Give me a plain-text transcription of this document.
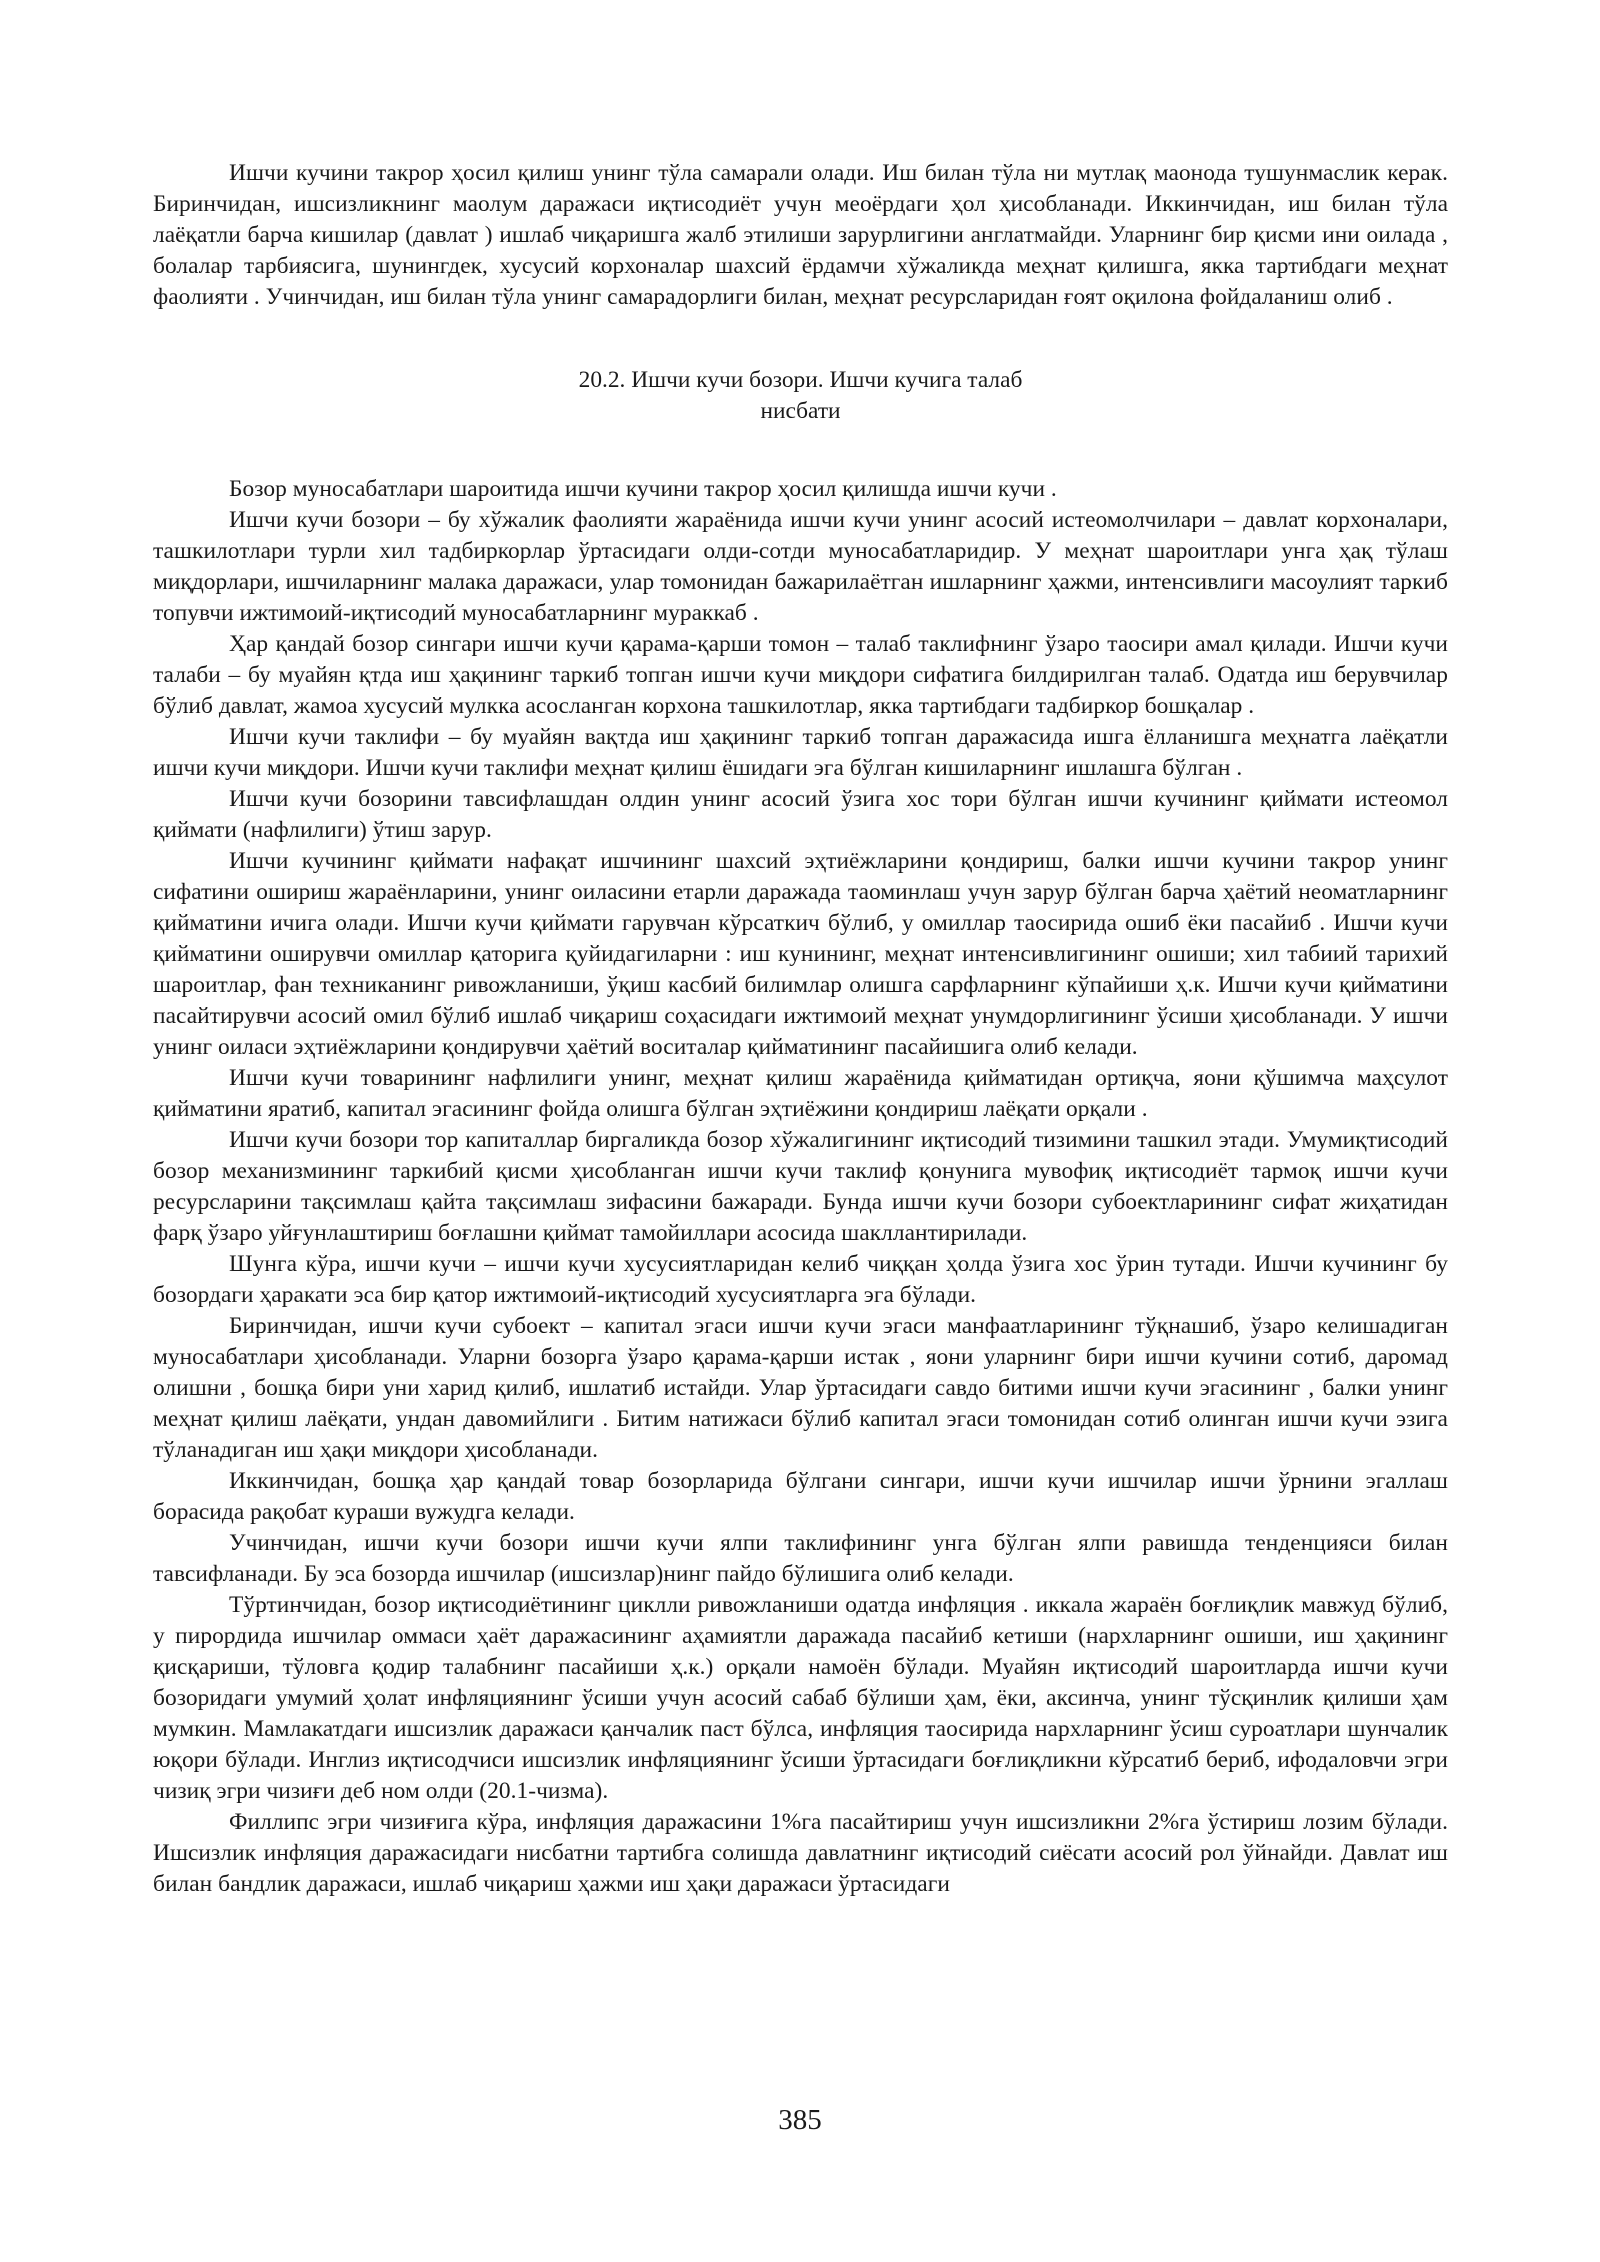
Ишчи кучини такрор ҳосил қилиш унинг тўла самарали олади. Иш билан тўла ни мутлақ маонода тушунмаслик керак. Биринчидан, ишсизликнинг маолум даражаси иқтисодиёт учун меоёрдаги ҳол ҳисобланади. Иккинчидан, иш билан тўла лаёқатли барча кишилар (давлат ) ишлаб чиқаришга жалб этилиши зарурлигини англатмайди. Уларнинг бир қисми ини оилада , болалар тарбиясига, шунингдек, хусусий корхоналар шахсий ёрдамчи хўжаликда меҳнат қилишга, якка тартибдаги меҳнат фаолияти . Учинчидан, иш билан тўла унинг самарадорлиги билан, меҳнат ресурсларидан ғоят оқилона фойдаланиш олиб .

20.2. Ишчи кучи бозори. Ишчи кучига талаб
нисбати

Бозор муносабатлари шароитида ишчи кучини такрор ҳосил қилишда ишчи кучи .

Ишчи кучи бозори – бу хўжалик фаолияти жараёнида ишчи кучи унинг асосий истеомолчилари – давлат корхоналари, ташкилотлари турли хил тадбиркорлар ўртасидаги олди-сотди муносабатларидир. У меҳнат шароитлари унга ҳақ тўлаш миқдорлари, ишчиларнинг малака даражаси, улар томонидан бажарилаётган ишларнинг ҳажми, интенсивлиги масоулият таркиб топувчи ижтимоий-иқтисодий муносабатларнинг мураккаб .

Ҳар қандай бозор сингари ишчи кучи қарама-қарши томон – талаб таклифнинг ўзаро таосири амал қилади. Ишчи кучи талаби – бу муайян қтда иш ҳақининг таркиб топган ишчи кучи миқдори сифатига билдирилган талаб. Одатда иш берувчилар бўлиб давлат, жамоа хусусий мулкка асосланган корхона ташкилотлар, якка тартибдаги тадбиркор бошқалар .

Ишчи кучи таклифи – бу муайян вақтда иш ҳақининг таркиб топган даражасида ишга ёлланишга меҳнатга лаёқатли ишчи кучи миқдори. Ишчи кучи таклифи меҳнат қилиш ёшидаги эга бўлган кишиларнинг ишлашга бўлган .

Ишчи кучи бозорини тавсифлашдан олдин унинг асосий ўзига хос тори бўлган ишчи кучининг қиймати истеомол қиймати (нафлилиги) ўтиш зарур.

Ишчи кучининг қиймати нафақат ишчининг шахсий эҳтиёжларини қондириш, балки ишчи кучини такрор унинг сифатини ошириш жараёнларини, унинг оиласини етарли даражада таоминлаш учун зарур бўлган барча ҳаётий неоматларнинг қийматини ичига олади. Ишчи кучи қиймати гарувчан кўрсаткич бўлиб, у омиллар таосирида ошиб ёки пасайиб . Ишчи кучи қийматини оширувчи омиллар қаторига қуйидагиларни : иш кунининг, меҳнат интенсивлигининг ошиши; хил табиий тарихий шароитлар, фан техниканинг ривожланиши, ўқиш касбий билимлар олишга сарфларнинг кўпайиши ҳ.к. Ишчи кучи қийматини пасайтирувчи асосий омил бўлиб ишлаб чиқариш соҳасидаги ижтимоий меҳнат унумдорлигининг ўсиши ҳисобланади. У ишчи унинг оиласи эҳтиёжларини қондирувчи ҳаётий воситалар қийматининг пасайишига олиб келади.

Ишчи кучи товарининг нафлилиги унинг, меҳнат қилиш жараёнида қийматидан ортиқча, яони қўшимча маҳсулот қийматини яратиб, капитал эгасининг фойда олишга бўлган эҳтиёжини қондириш лаёқати орқали .

Ишчи кучи бозори тор капиталлар биргаликда бозор хўжалигининг иқтисодий тизимини ташкил этади. Умумиқтисодий бозор механизмининг таркибий қисми ҳисобланган ишчи кучи таклиф қонунига мувофиқ иқтисодиёт тармоқ ишчи кучи ресурсларини тақсимлаш қайта тақсимлаш зифасини бажаради. Бунда ишчи кучи бозори субоектларининг сифат жиҳатидан фарқ ўзаро уйғунлаштириш боғлашни қиймат тамойиллари асосида шакллантирилади.

Шунга кўра, ишчи кучи – ишчи кучи хусусиятларидан келиб чиққан ҳолда ўзига хос ўрин тутади. Ишчи кучининг бу бозордаги ҳаракати эса бир қатор ижтимоий-иқтисодий хусусиятларга эга бўлади.

Биринчидан, ишчи кучи субоект – капитал эгаси ишчи кучи эгаси манфаатларининг тўқнашиб, ўзаро келишадиган муносабатлари ҳисобланади. Уларни бозорга ўзаро қарама-қарши истак , яони уларнинг бири ишчи кучини сотиб, даромад олишни , бошқа бири уни харид қилиб, ишлатиб истайди. Улар ўртасидаги савдо битими ишчи кучи эгасининг , балки унинг меҳнат қилиш лаёқати, ундан давомийлиги . Битим натижаси бўлиб капитал эгаси томонидан сотиб олинган ишчи кучи эзига тўланадиган иш ҳақи миқдори ҳисобланади.

Иккинчидан, бошқа ҳар қандай товар бозорларида бўлгани сингари, ишчи кучи ишчилар ишчи ўрнини эгаллаш борасида рақобат кураши вужудга келади.

Учинчидан, ишчи кучи бозори ишчи кучи ялпи таклифининг унга бўлган ялпи равишда тенденцияси билан тавсифланади. Бу эса бозорда ишчилар (ишсизлар)нинг пайдо бўлишига олиб келади.

Тўртинчидан, бозор иқтисодиётининг циклли ривожланиши одатда инфляция . иккала жараён боғлиқлик мавжуд бўлиб, у пирордида ишчилар оммаси ҳаёт даражасининг аҳамиятли даражада пасайиб кетиши (нархларнинг ошиши, иш ҳақининг қисқариши, тўловга қодир талабнинг пасайиши ҳ.к.) орқали намоён бўлади. Муайян иқтисодий шароитларда ишчи кучи бозоридаги умумий ҳолат инфляциянинг ўсиши учун асосий сабаб бўлиши ҳам, ёки, аксинча, унинг тўсқинлик қилиши ҳам мумкин. Мамлакатдаги ишсизлик даражаси қанчалик паст бўлса, инфляция таосирида нархларнинг ўсиш суроатлари шунчалик юқори бўлади. Инглиз иқтисодчиси ишсизлик инфляциянинг ўсиши ўртасидаги боғлиқликни кўрсатиб бериб, ифодаловчи эгри чизиқ эгри чизиғи деб ном олди (20.1-чизма).

Филлипс эгри чизиғига кўра, инфляция даражасини 1%га пасайтириш учун ишсизликни 2%га ўстириш лозим бўлади. Ишсизлик инфляция даражасидаги нисбатни тартибга солишда давлатнинг иқтисодий сиёсати асосий рол ўйнайди. Давлат иш билан бандлик даражаси, ишлаб чиқариш ҳажми иш ҳақи даражаси ўртасидаги

385
